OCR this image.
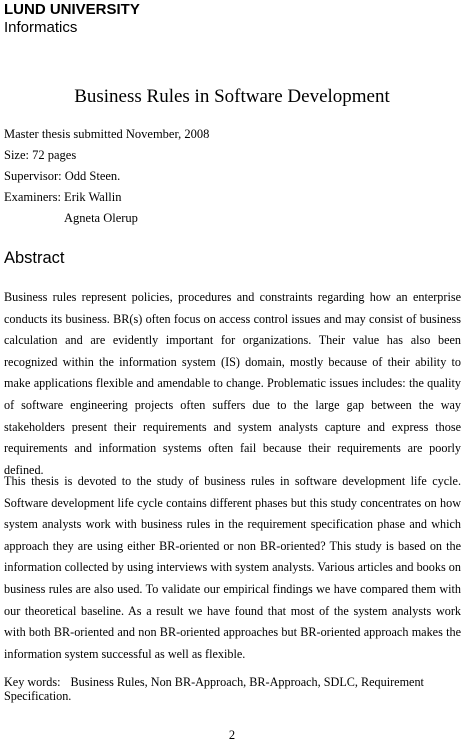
LUND UNIVERSITY
Informatics
Business Rules in Software Development
Master thesis submitted November, 2008
Size: 72 pages
Supervisor: Odd Steen.
Examiners: Erik Wallin
Agneta Olerup
Abstract

Business rules represent policies, procedures and constraints regarding how an enterprise conducts its business. BR(s) often focus on access control issues and may consist of business calculation and are evidently important for organizations. Their value has also been recognized within the information system (IS) domain, mostly because of their ability to make applications flexible and amendable to change. Problematic issues includes: the quality of software engineering projects often suffers due to the large gap between the way stakeholders present their requirements and system analysts capture and express those requirements and information systems often fail because their requirements are poorly defined.

This thesis is devoted to the study of business rules in software development life cycle. Software development life cycle contains different phases but this study concentrates on how system analysts work with business rules in the requirement specification phase and which approach they are using either BR-oriented or non BR-oriented? This study is based on the information collected by using interviews with system analysts. Various articles and books on business rules are also used. To validate our empirical findings we have compared them with our theoretical baseline. As a result we have found that most of the system analysts work with both BR-oriented and non BR-oriented approaches but BR-oriented approach makes the information system successful as well as flexible.

Key words: Business Rules, Non BR-Approach, BR-Approach, SDLC, Requirement Specification.

2
